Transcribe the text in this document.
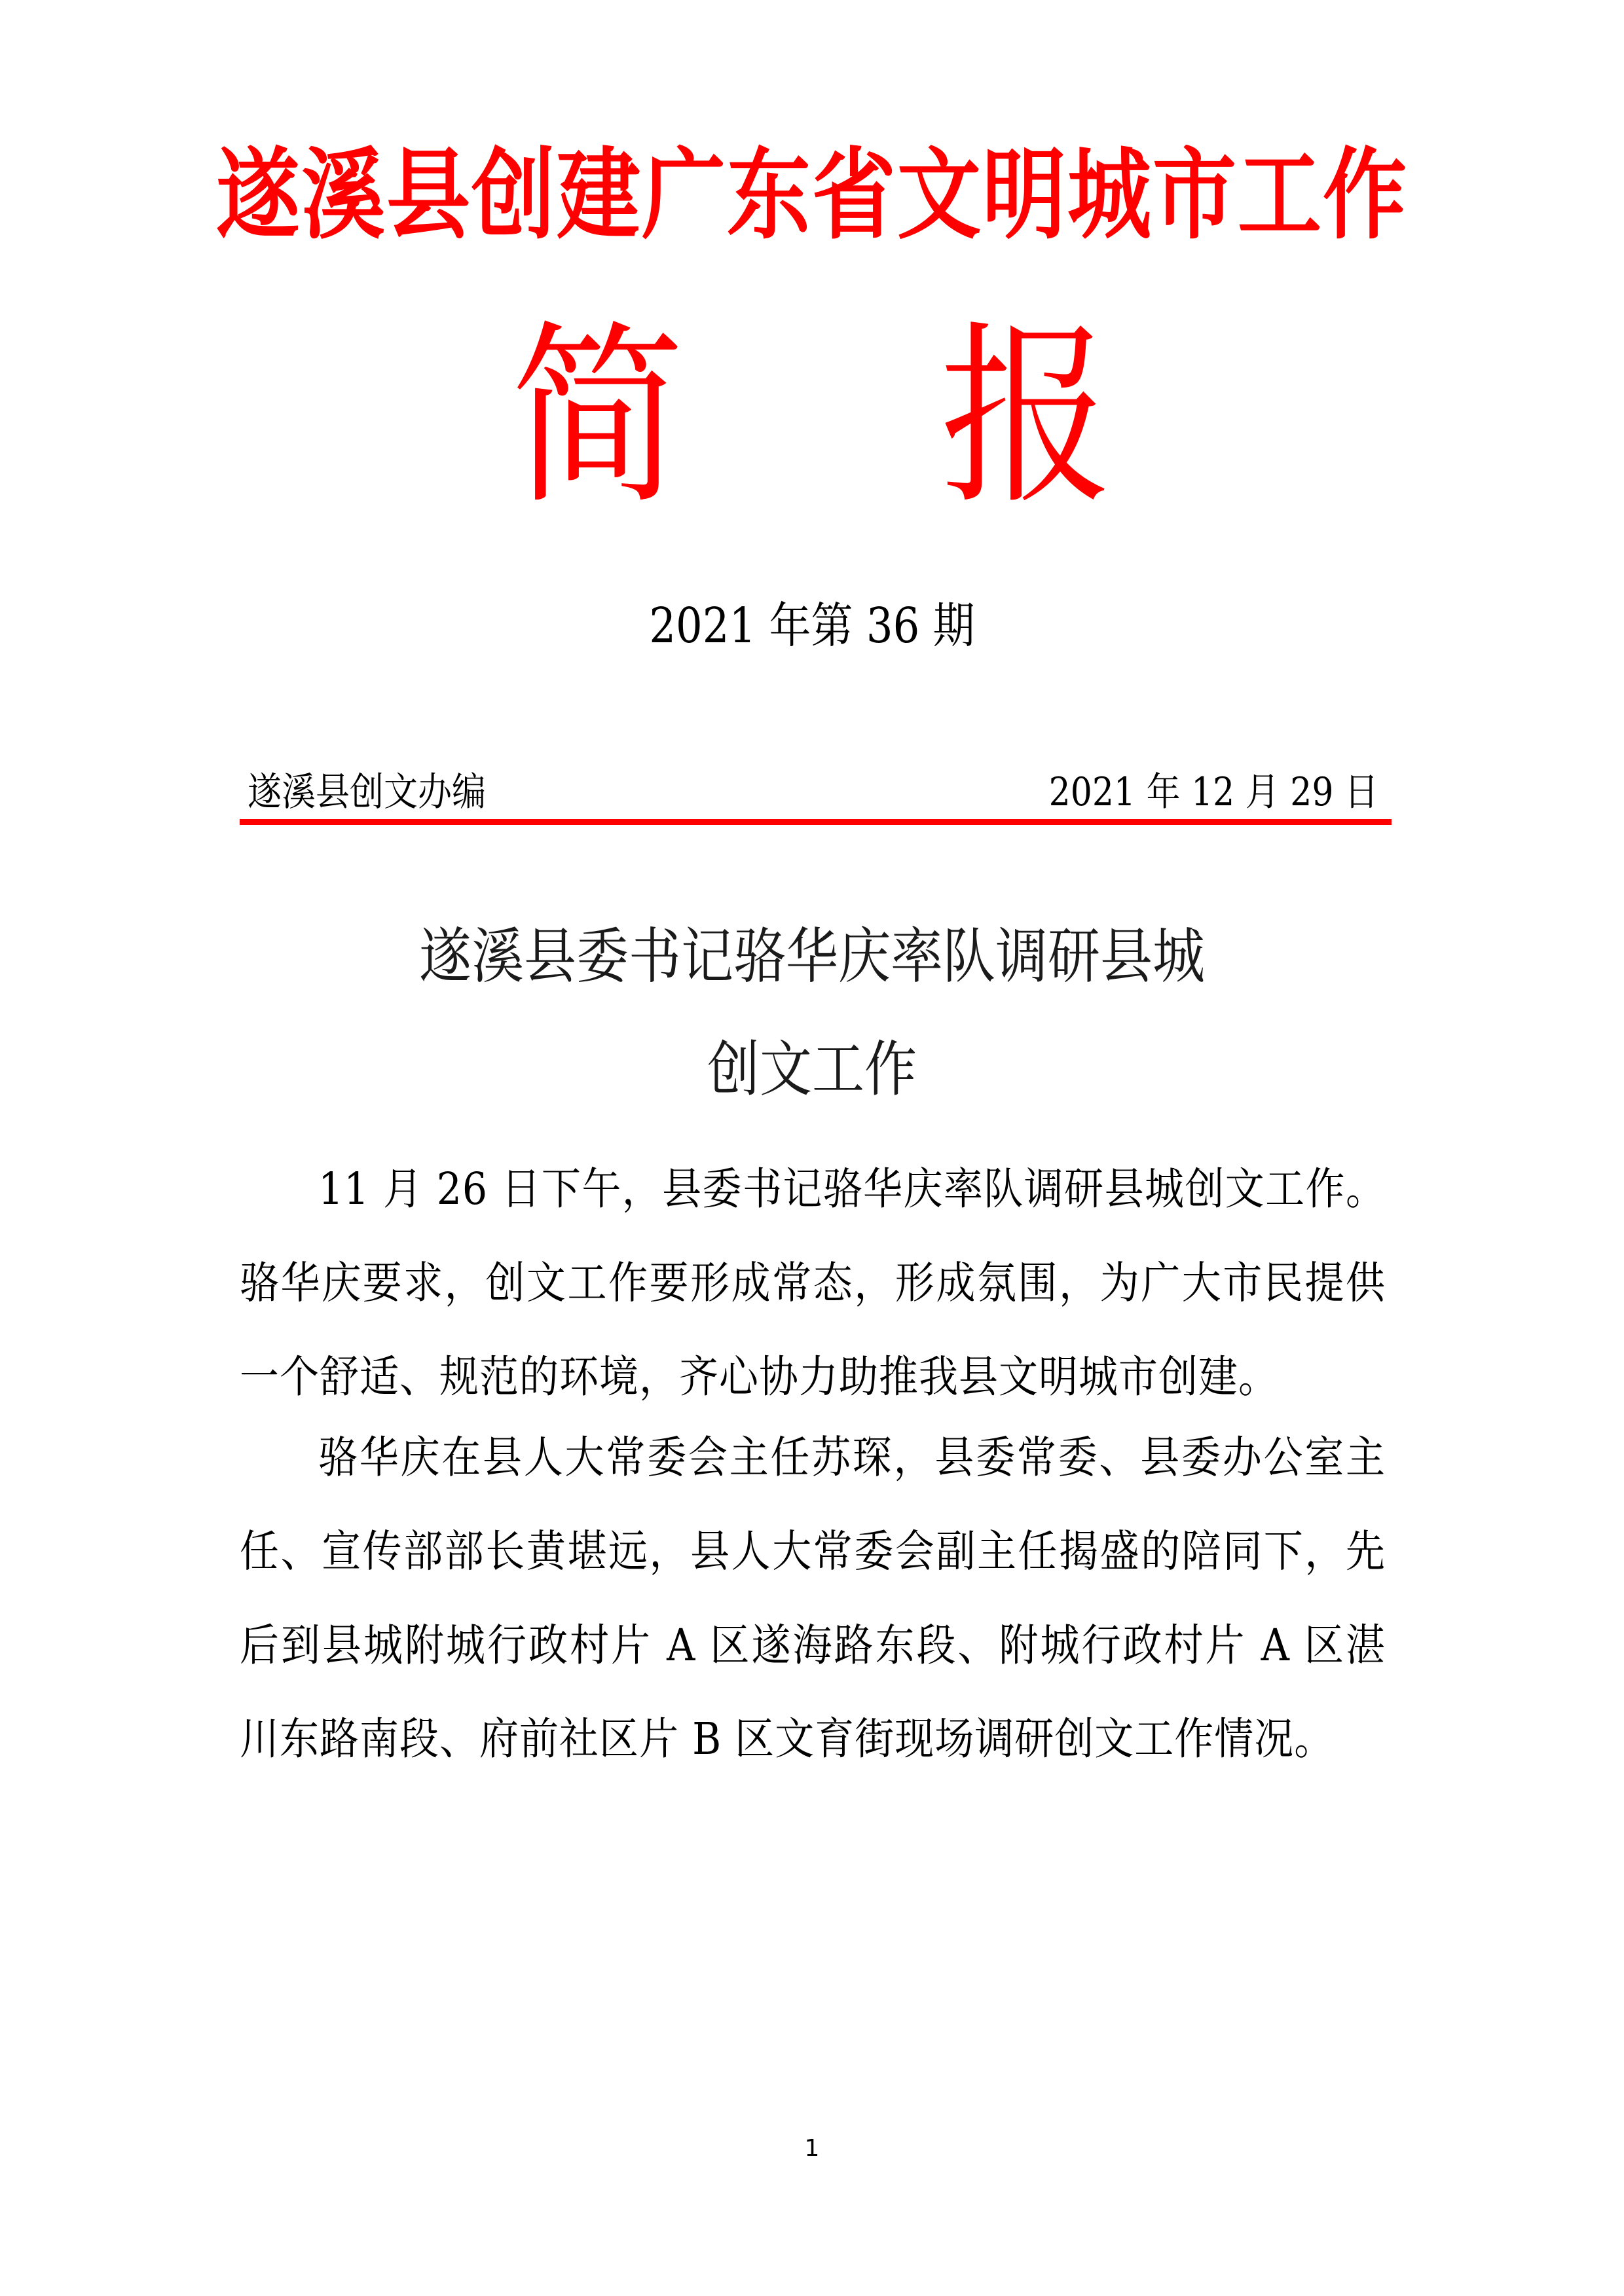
遂溪县创建广东省文明城市工作
简 报
2021 年第 36 期
遂溪县创文办编	2021 年 12 月 29 日
遂溪县委书记骆华庆率队调研县城
创文工作

11 月 26 日下午，县委书记骆华庆率队调研县城创文工作。骆华庆要求，创文工作要形成常态，形成氛围，为广大市民提供一个舒适、规范的环境，齐心协力助推我县文明城市创建。

骆华庆在县人大常委会主任苏琛，县委常委、县委办公室主任、宣传部部长黄堪远，县人大常委会副主任揭盛的陪同下，先后到县城附城行政村片 A 区遂海路东段、附城行政村片 A 区湛川东路南段、府前社区片 B 区文育街现场调研创文工作情况。

1
